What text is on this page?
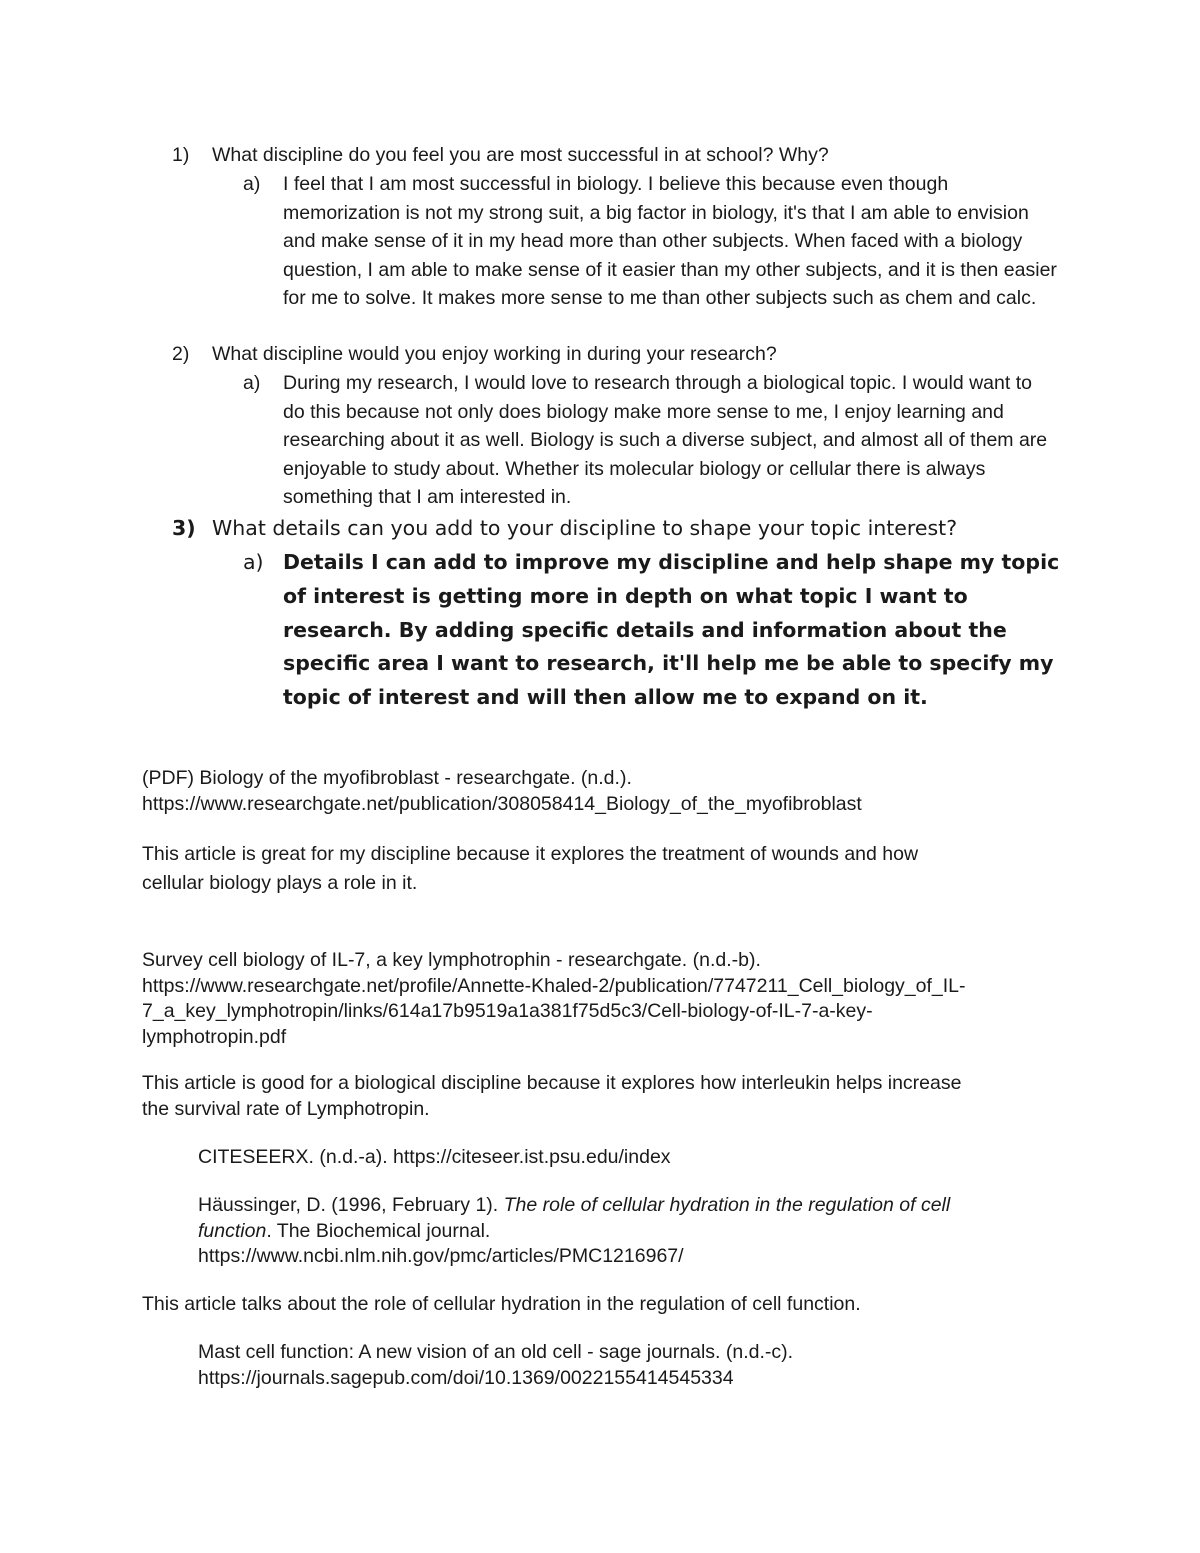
1) What discipline do you feel you are most successful in at school? Why?
a) I feel that I am most successful in biology. I believe this because even though memorization is not my strong suit, a big factor in biology, it's that I am able to envision and make sense of it in my head more than other subjects. When faced with a biology question, I am able to make sense of it easier than my other subjects, and it is then easier for me to solve. It makes more sense to me than other subjects such as chem and calc.
2) What discipline would you enjoy working in during your research?
a) During my research, I would love to research through a biological topic. I would want to do this because not only does biology make more sense to me, I enjoy learning and researching about it as well. Biology is such a diverse subject, and almost all of them are enjoyable to study about. Whether its molecular biology or cellular there is always something that I am interested in.
3) What details can you add to your discipline to shape your topic interest?
a) Details I can add to improve my discipline and help shape my topic of interest is getting more in depth on what topic I want to research. By adding specific details and information about the specific area I want to research, it'll help me be able to specify my topic of interest and will then allow me to expand on it.
(PDF) Biology of the myofibroblast - researchgate. (n.d.).
https://www.researchgate.net/publication/308058414_Biology_of_the_myofibroblast
This article is great for my discipline because it explores the treatment of wounds and how
cellular biology plays a role in it.
Survey cell biology of IL-7, a key lymphotrophin - researchgate. (n.d.-b).
https://www.researchgate.net/profile/Annette-Khaled-2/publication/7747211_Cell_biology_of_IL-
7_a_key_lymphotropin/links/614a17b9519a1a381f75d5c3/Cell-biology-of-IL-7-a-key-
lymphotropin.pdf
This article is good for a biological discipline because it explores how interleukin helps increase
the survival rate of Lymphotropin.
CITESEERX. (n.d.-a). https://citeseer.ist.psu.edu/index
Häussinger, D. (1996, February 1). The role of cellular hydration in the regulation of cell
function. The Biochemical journal.
https://www.ncbi.nlm.nih.gov/pmc/articles/PMC1216967/
This article talks about the role of cellular hydration in the regulation of cell function.
Mast cell function: A new vision of an old cell - sage journals. (n.d.-c).
https://journals.sagepub.com/doi/10.1369/0022155414545334
